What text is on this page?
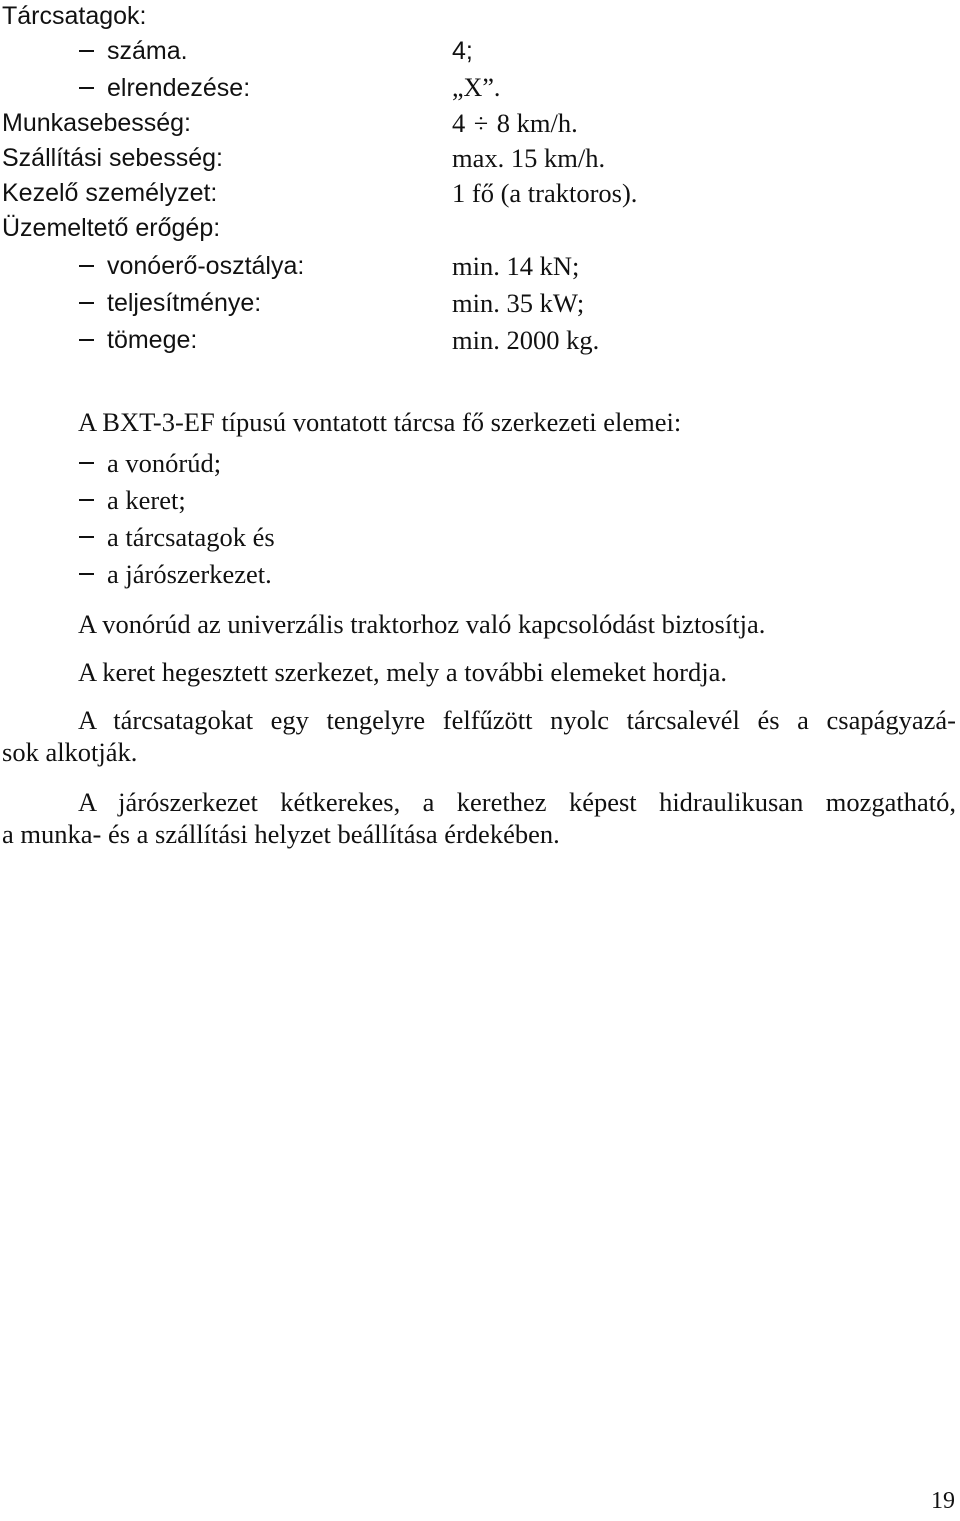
Tárcsatagok:
száma.	4;
elrendezése:	„X”.
Munkasebesség:	4 ÷ 8 km/h.
Szállítási sebesség:	max. 15 km/h.
Kezelő személyzet:	1 fő (a traktoros).
Üzemeltető erőgép:
vonóerő-osztálya:	min. 14 kN;
teljesítménye:	min. 35 kW;
tömege:	min. 2000 kg.
A BXT-3-EF típusú vontatott tárcsa fő szerkezeti elemei:
a vonórúd;
a keret;
a tárcsatagok és
a járószerkezet.
A vonórúd az univerzális traktorhoz való kapcsolódást biztosítja.
A keret hegesztett szerkezet, mely a további elemeket hordja.
A tárcsatagokat egy tengelyre felfűzött nyolc tárcsalevél és a csapágyazá-
sok alkotják.
A járószerkezet kétkerekes, a kerethez képest hidraulikusan mozgatható,
a munka- és a szállítási helyzet beállítása érdekében.
19
